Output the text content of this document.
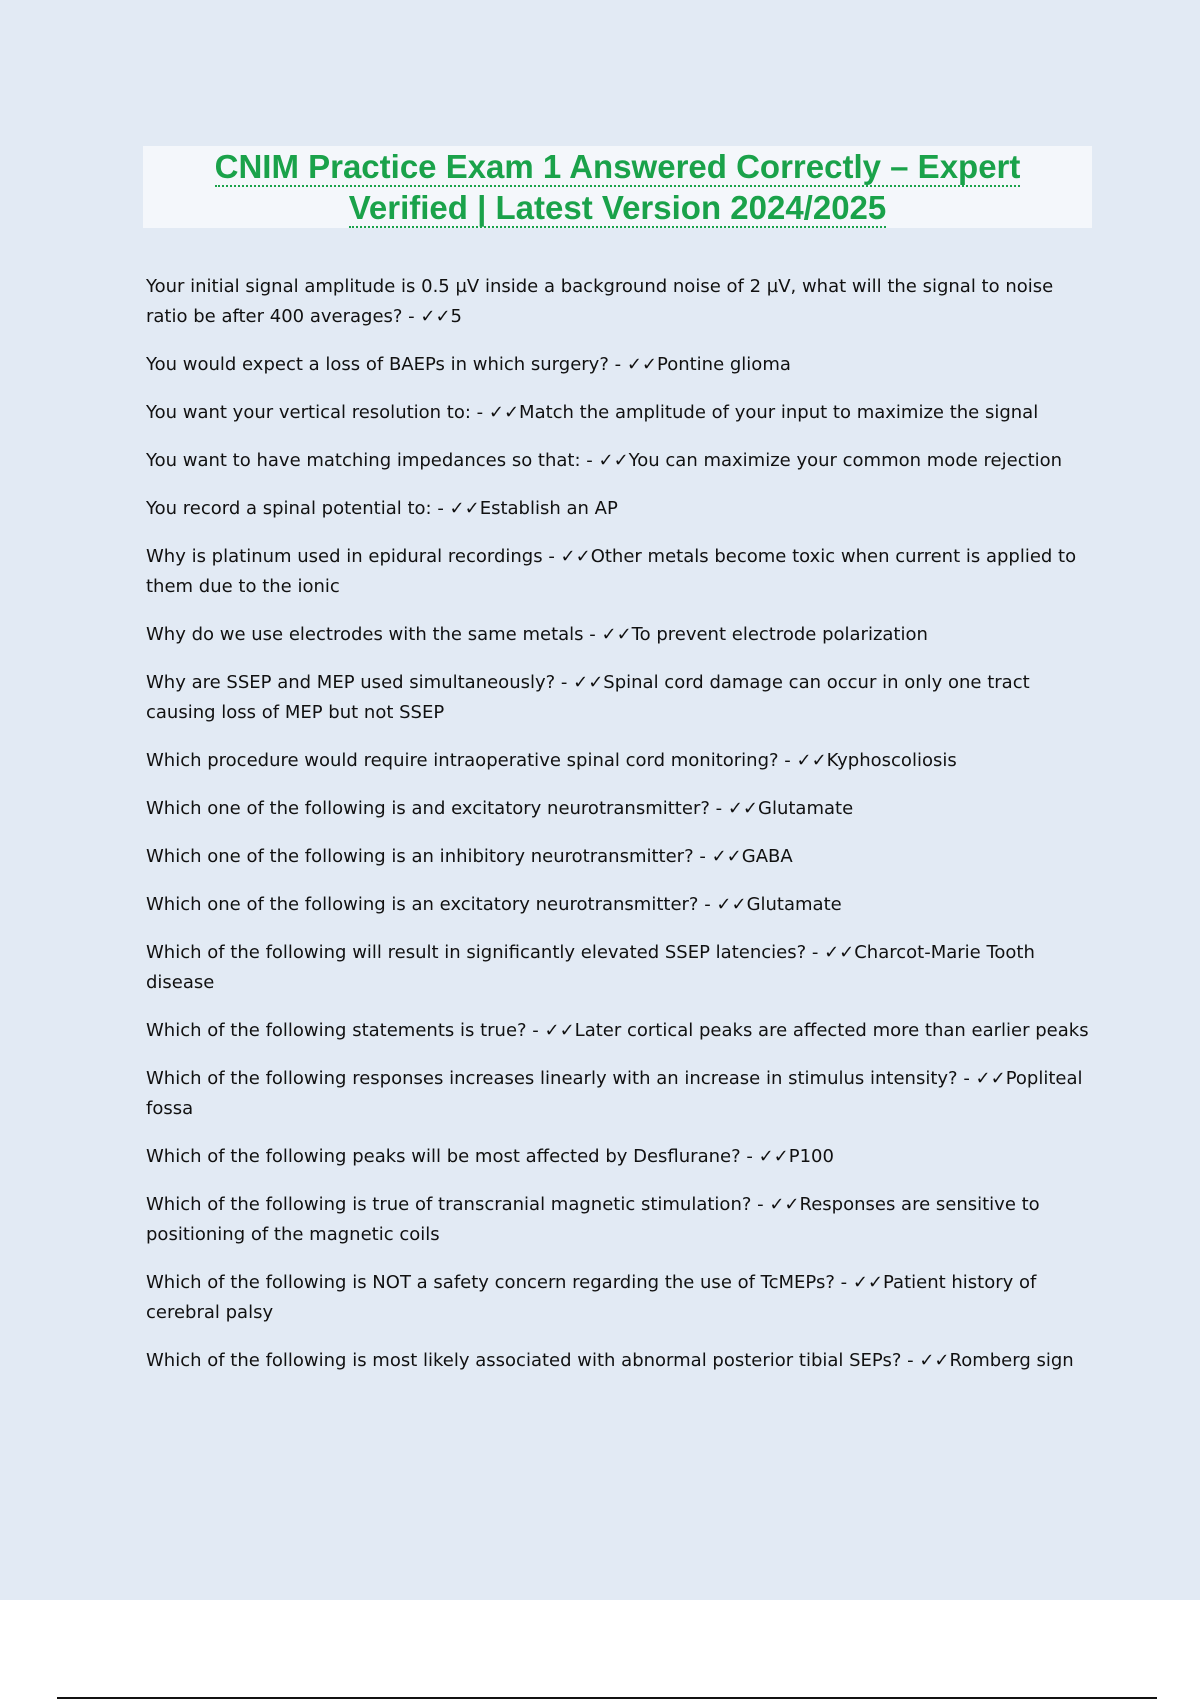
CNIM Practice Exam 1 Answered Correctly – Expert
Verified | Latest Version 2024/2025
Your initial signal amplitude is 0.5 µV inside a background noise of 2 µV, what will the signal to noise ratio be after 400 averages? - ✓✓5
You would expect a loss of BAEPs in which surgery? - ✓✓Pontine glioma
You want your vertical resolution to: - ✓✓Match the amplitude of your input to maximize the signal
You want to have matching impedances so that: - ✓✓You can maximize your common mode rejection
You record a spinal potential to: - ✓✓Establish an AP
Why is platinum used in epidural recordings - ✓✓Other metals become toxic when current is applied to them due to the ionic
Why do we use electrodes with the same metals - ✓✓To prevent electrode polarization
Why are SSEP and MEP used simultaneously? - ✓✓Spinal cord damage can occur in only one tract causing loss of MEP but not SSEP
Which procedure would require intraoperative spinal cord monitoring? - ✓✓Kyphoscoliosis
Which one of the following is and excitatory neurotransmitter? - ✓✓Glutamate
Which one of the following is an inhibitory neurotransmitter? - ✓✓GABA
Which one of the following is an excitatory neurotransmitter? - ✓✓Glutamate
Which of the following will result in significantly elevated SSEP latencies? - ✓✓Charcot-Marie Tooth disease
Which of the following statements is true? - ✓✓Later cortical peaks are affected more than earlier peaks
Which of the following responses increases linearly with an increase in stimulus intensity? - ✓✓Popliteal fossa
Which of the following peaks will be most affected by Desflurane? - ✓✓P100
Which of the following is true of transcranial magnetic stimulation? - ✓✓Responses are sensitive to positioning of the magnetic coils
Which of the following is NOT a safety concern regarding the use of TcMEPs? - ✓✓Patient history of cerebral palsy
Which of the following is most likely associated with abnormal posterior tibial SEPs? - ✓✓Romberg sign
